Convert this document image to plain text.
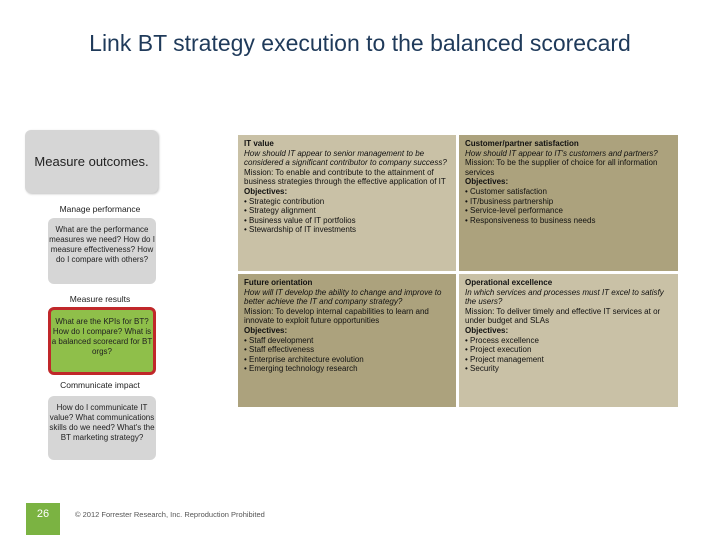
Link BT strategy execution to the balanced scorecard
Measure outcomes.
Manage performance
What are the performance measures we need? How do I measure effectiveness? How do I compare with others?
Measure results
What are the KPIs for BT? How do I compare? What is a balanced scorecard for BT orgs?
Communicate impact
How do I communicate IT value? What communications skills do we need? What's the BT marketing strategy?
IT value
How should IT appear to senior management to be considered a significant contributor to company success?
Mission: To enable and contribute to the attainment of business strategies through the effective application of IT
Objectives:
• Strategic contribution
• Strategy alignment
• Business value of IT portfolios
• Stewardship of IT investments
Customer/partner satisfaction
How should IT appear to IT's customers and partners?
Mission: To be the supplier of choice for all information services
Objectives:
• Customer satisfaction
• IT/business partnership
• Service-level performance
• Responsiveness to business needs
Future orientation
How will IT develop the ability to change and improve to better achieve the IT and company strategy?
Mission: To develop internal capabilities to learn and innovate to exploit future opportunities
Objectives:
• Staff development
• Staff effectiveness
• Enterprise architecture evolution
• Emerging technology research
Operational excellence
In which services and processes must IT excel to satisfy the users?
Mission: To deliver timely and effective IT services at or under budget and SLAs
Objectives:
• Process excellence
• Project execution
• Project management
• Security
26	© 2012 Forrester Research, Inc. Reproduction Prohibited
